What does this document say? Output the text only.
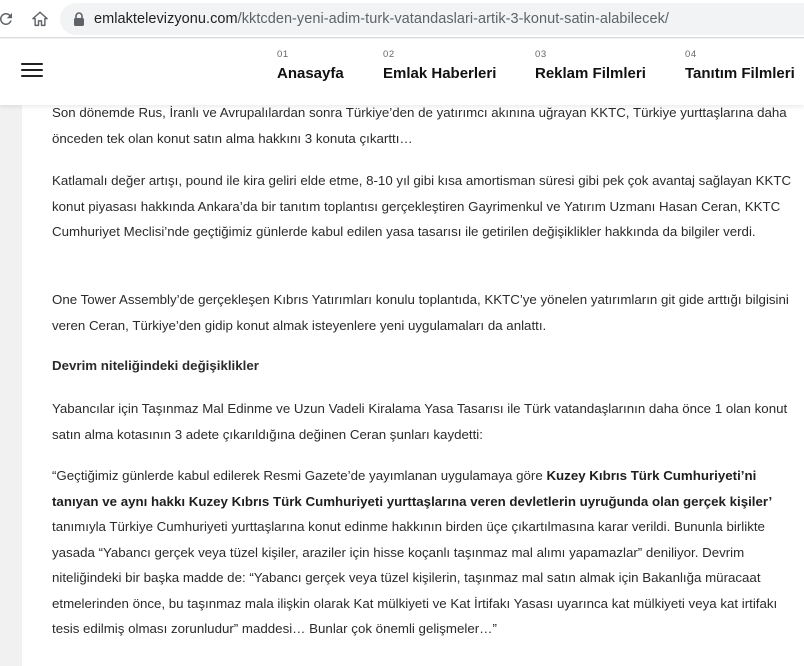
emlaktelevizyonu.com/kktcden-yeni-adim-turk-vatandaslari-artik-3-konut-satin-alabilecek/
01
Anasayfa
02
Emlak Haberleri
03
Reklam Filmleri
04
Tanıtım Filmleri

Son dönemde Rus, İranlı ve Avrupalılardan sonra Türkiye’den de yatırımcı akınına uğrayan KKTC, Türkiye yurttaşlarına daha önceden tek olan konut satın alma hakkını 3 konuta çıkarttı…

Katlamalı değer artışı, pound ile kira geliri elde etme, 8-10 yıl gibi kısa amortisman süresi gibi pek çok avantaj sağlayan KKTC konut piyasası hakkında Ankara’da bir tanıtım toplantısı gerçekleştiren Gayrimenkul ve Yatırım Uzmanı Hasan Ceran, KKTC Cumhuriyet Meclisi’nde geçtiğimiz günlerde kabul edilen yasa tasarısı ile getirilen değişiklikler hakkında da bilgiler verdi.

One Tower Assembly’de gerçekleşen Kıbrıs Yatırımları konulu toplantıda, KKTC’ye yönelen yatırımların git gide arttığı bilgisini veren Ceran, Türkiye’den gidip konut almak isteyenlere yeni uygulamaları da anlattı.

Devrim niteliğindeki değişiklikler

Yabancılar için Taşınmaz Mal Edinme ve Uzun Vadeli Kiralama Yasa Tasarısı ile Türk vatandaşlarının daha önce 1 olan konut satın alma kotasının 3 adete çıkarıldığına değinen Ceran şunları kaydetti:

“Geçtiğimiz günlerde kabul edilerek Resmi Gazete’de yayımlanan uygulamaya göre Kuzey Kıbrıs Türk Cumhuriyeti’ni tanıyan ve aynı hakkı Kuzey Kıbrıs Türk Cumhuriyeti yurttaşlarına veren devletlerin uyruğunda olan gerçek kişiler’ tanımıyla Türkiye Cumhuriyeti yurttaşlarına konut edinme hakkının birden üçe çıkartılmasına karar verildi. Bununla birlikte yasada “Yabancı gerçek veya tüzel kişiler, araziler için hisse koçanlı taşınmaz mal alımı yapamazlar” deniliyor. Devrim niteliğindeki bir başka madde de: “Yabancı gerçek veya tüzel kişilerin, taşınmaz mal satın almak için Bakanlığa müracaat etmelerinden önce, bu taşınmaz mala ilişkin olarak Kat mülkiyeti ve Kat İrtifakı Yasası uyarınca kat mülkiyeti veya kat irtifakı tesis edilmiş olması zorunludur” maddesi… Bunlar çok önemli gelişmeler…”
